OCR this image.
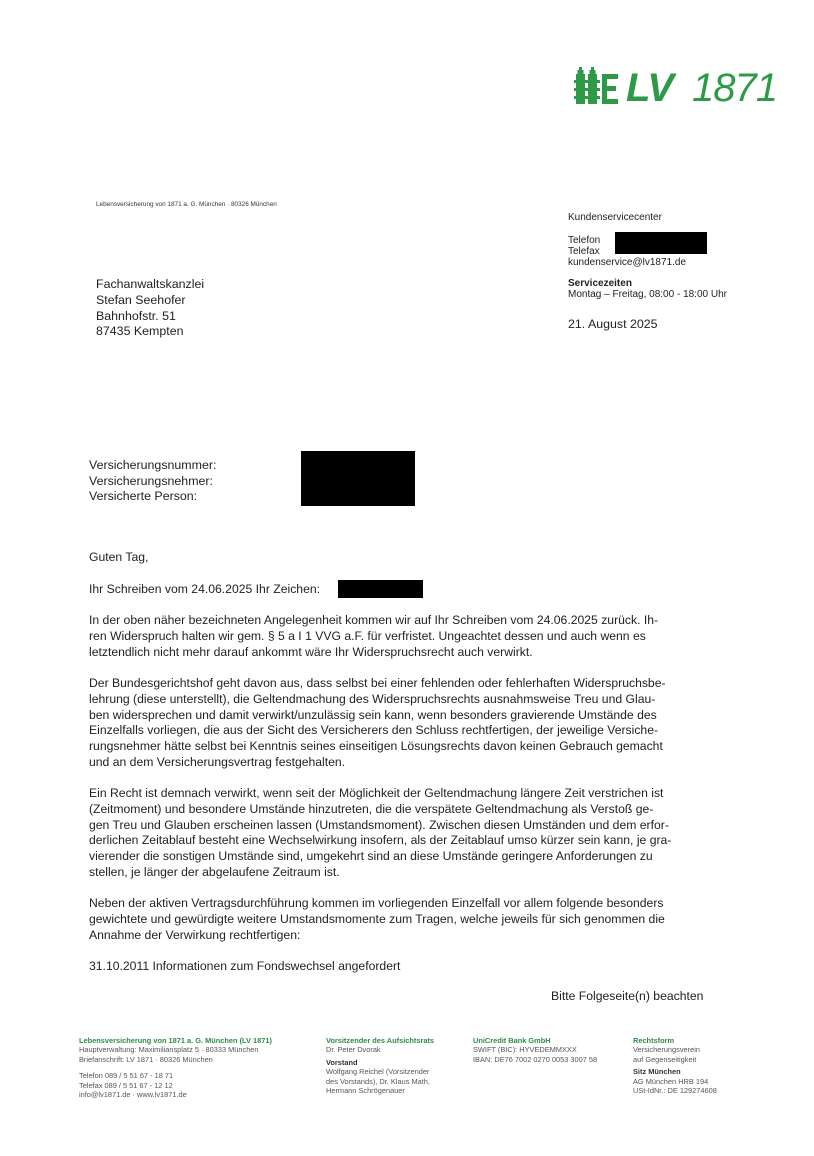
LV 1871
Lebensversicherung von 1871 a. G. München · 80326 München
Kundenservicecenter
Telefon
Telefax
kundenservice@lv1871.de
Servicezeiten
Montag – Freitag, 08:00 - 18:00 Uhr
Fachanwaltskanzlei
Stefan Seehofer
Bahnhofstr. 51
87435 Kempten
21. August 2025
Versicherungsnummer:
Versicherungsnehmer:
Versicherte Person:
Guten Tag,
Ihr Schreiben vom 24.06.2025 Ihr Zeichen:
In der oben näher bezeichneten Angelegenheit kommen wir auf Ihr Schreiben vom 24.06.2025 zurück. Ih-
ren Widerspruch halten wir gem. § 5 a I 1 VVG a.F. für verfristet. Ungeachtet dessen und auch wenn es
letztendlich nicht mehr darauf ankommt wäre Ihr Widerspruchsrecht auch verwirkt.
Der Bundesgerichtshof geht davon aus, dass selbst bei einer fehlenden oder fehlerhaften Widerspruchsbe-
lehrung (diese unterstellt), die Geltendmachung des Widerspruchsrechts ausnahmsweise Treu und Glau-
ben widersprechen und damit verwirkt/unzulässig sein kann, wenn besonders gravierende Umstände des
Einzelfalls vorliegen, die aus der Sicht des Versicherers den Schluss rechtfertigen, der jeweilige Versiche-
rungsnehmer hätte selbst bei Kenntnis seines einseitigen Lösungsrechts davon keinen Gebrauch gemacht
und an dem Versicherungsvertrag festgehalten.
Ein Recht ist demnach verwirkt, wenn seit der Möglichkeit der Geltendmachung längere Zeit verstrichen ist
(Zeitmoment) und besondere Umstände hinzutreten, die die verspätete Geltendmachung als Verstoß ge-
gen Treu und Glauben erscheinen lassen (Umstandsmoment). Zwischen diesen Umständen und dem erfor-
derlichen Zeitablauf besteht eine Wechselwirkung insofern, als der Zeitablauf umso kürzer sein kann, je gra-
vierender die sonstigen Umstände sind, umgekehrt sind an diese Umstände geringere Anforderungen zu
stellen, je länger der abgelaufene Zeitraum ist.
Neben der aktiven Vertragsdurchführung kommen im vorliegenden Einzelfall vor allem folgende besonders
gewichtete und gewürdigte weitere Umstandsmomente zum Tragen, welche jeweils für sich genommen die
Annahme der Verwirkung rechtfertigen:
31.10.2011 Informationen zum Fondswechsel angefordert
Bitte Folgeseite(n) beachten
Lebensversicherung von 1871 a. G. München (LV 1871)
Hauptverwaltung: Maximiliansplatz 5 · 80333 München
Briefanschrift: LV 1871 · 80326 München
Telefon 089 / 5 51 67 - 18 71
Telefax 089 / 5 51 67 - 12 12
info@lv1871.de · www.lv1871.de
Vorsitzender des Aufsichtsrats
Dr. Peter Dvorak
Vorstand
Wolfgang Reichel (Vorsitzender
des Vorstands), Dr. Klaus Math,
Hermann Schrögenauer
UniCredit Bank GmbH
SWIFT (BIC): HYVEDEMMXXX
IBAN: DE76 7002 0270 0053 3007 58
Rechtsform
Versicherungsverein
auf Gegenseitigkeit
Sitz München
AG München HRB 194
USt-IdNr.: DE 129274608
